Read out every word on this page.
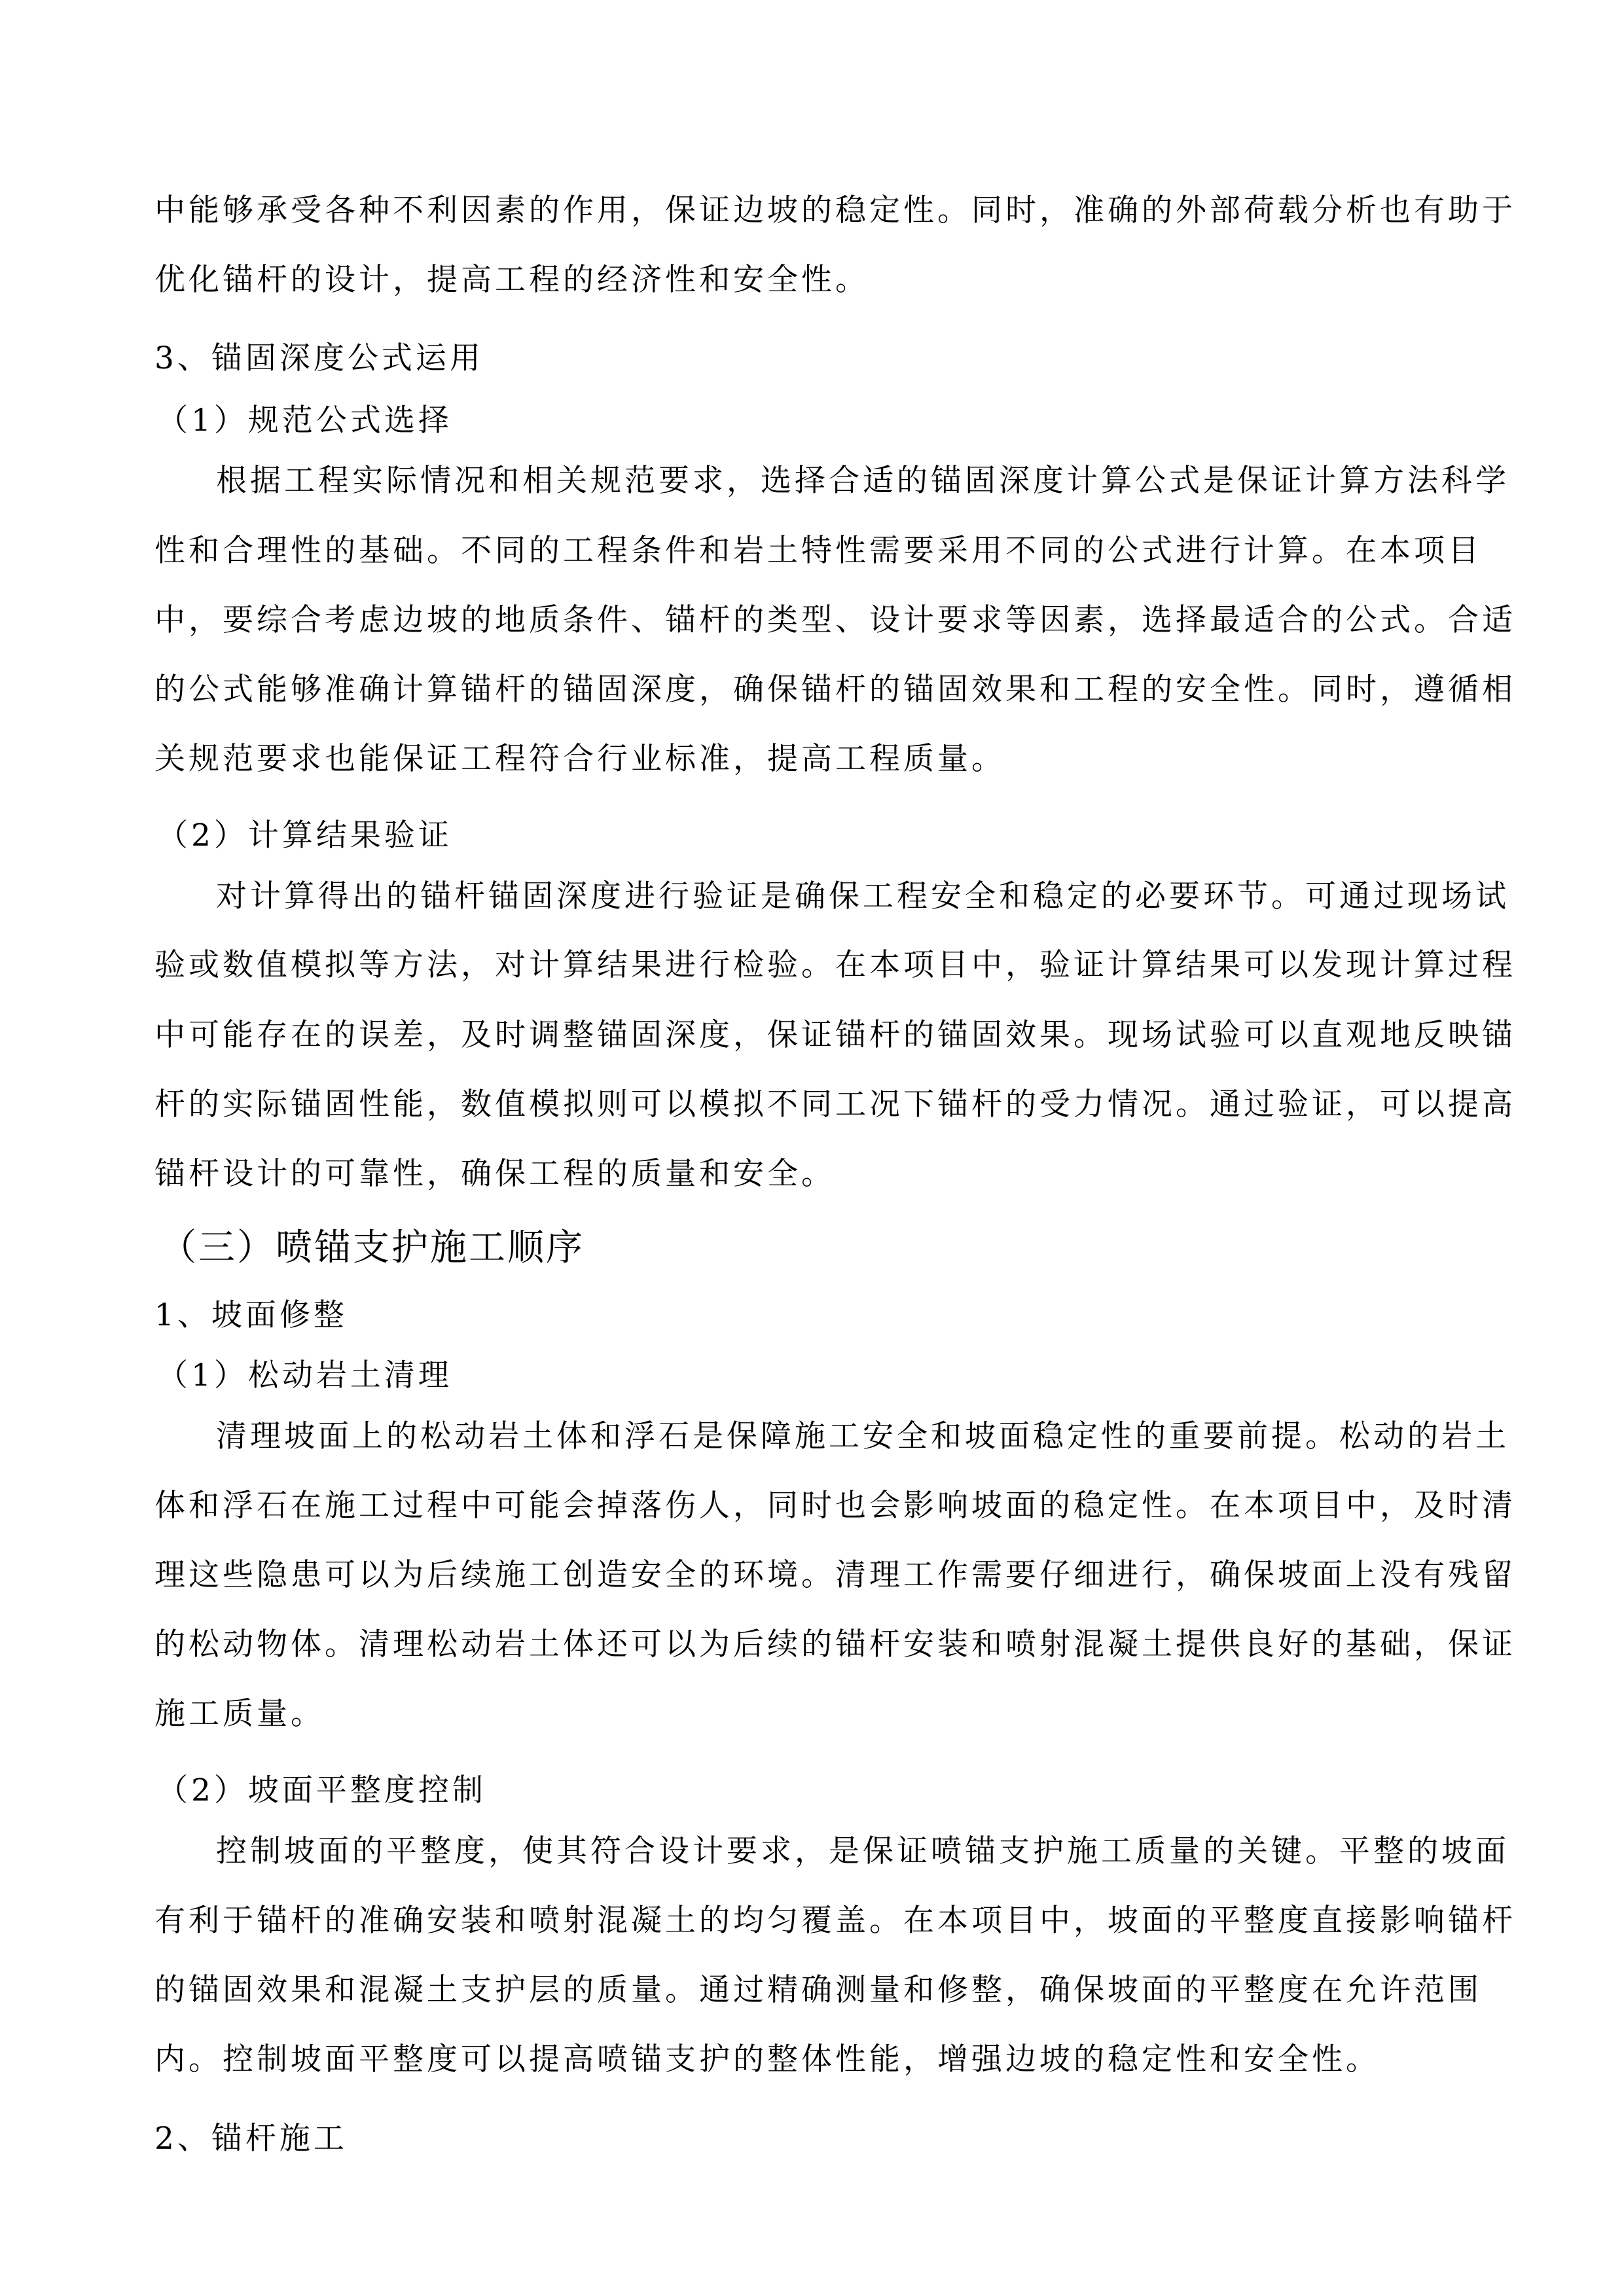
中能够承受各种不利因素的作用，保证边坡的稳定性。同时，准确的外部荷载分析也有助于
优化锚杆的设计，提高工程的经济性和安全性。
3、锚固深度公式运用
（1）规范公式选择
根据工程实际情况和相关规范要求，选择合适的锚固深度计算公式是保证计算方法科学
性和合理性的基础。不同的工程条件和岩土特性需要采用不同的公式进行计算。在本项目
中，要综合考虑边坡的地质条件、锚杆的类型、设计要求等因素，选择最适合的公式。合适
的公式能够准确计算锚杆的锚固深度，确保锚杆的锚固效果和工程的安全性。同时，遵循相
关规范要求也能保证工程符合行业标准，提高工程质量。
（2）计算结果验证
对计算得出的锚杆锚固深度进行验证是确保工程安全和稳定的必要环节。可通过现场试
验或数值模拟等方法，对计算结果进行检验。在本项目中，验证计算结果可以发现计算过程
中可能存在的误差，及时调整锚固深度，保证锚杆的锚固效果。现场试验可以直观地反映锚
杆的实际锚固性能，数值模拟则可以模拟不同工况下锚杆的受力情况。通过验证，可以提高
锚杆设计的可靠性，确保工程的质量和安全。
（三）喷锚支护施工顺序
1、坡面修整
（1）松动岩土清理
清理坡面上的松动岩土体和浮石是保障施工安全和坡面稳定性的重要前提。松动的岩土
体和浮石在施工过程中可能会掉落伤人，同时也会影响坡面的稳定性。在本项目中，及时清
理这些隐患可以为后续施工创造安全的环境。清理工作需要仔细进行，确保坡面上没有残留
的松动物体。清理松动岩土体还可以为后续的锚杆安装和喷射混凝土提供良好的基础，保证
施工质量。
（2）坡面平整度控制
控制坡面的平整度，使其符合设计要求，是保证喷锚支护施工质量的关键。平整的坡面
有利于锚杆的准确安装和喷射混凝土的均匀覆盖。在本项目中，坡面的平整度直接影响锚杆
的锚固效果和混凝土支护层的质量。通过精确测量和修整，确保坡面的平整度在允许范围
内。控制坡面平整度可以提高喷锚支护的整体性能，增强边坡的稳定性和安全性。
2、锚杆施工
